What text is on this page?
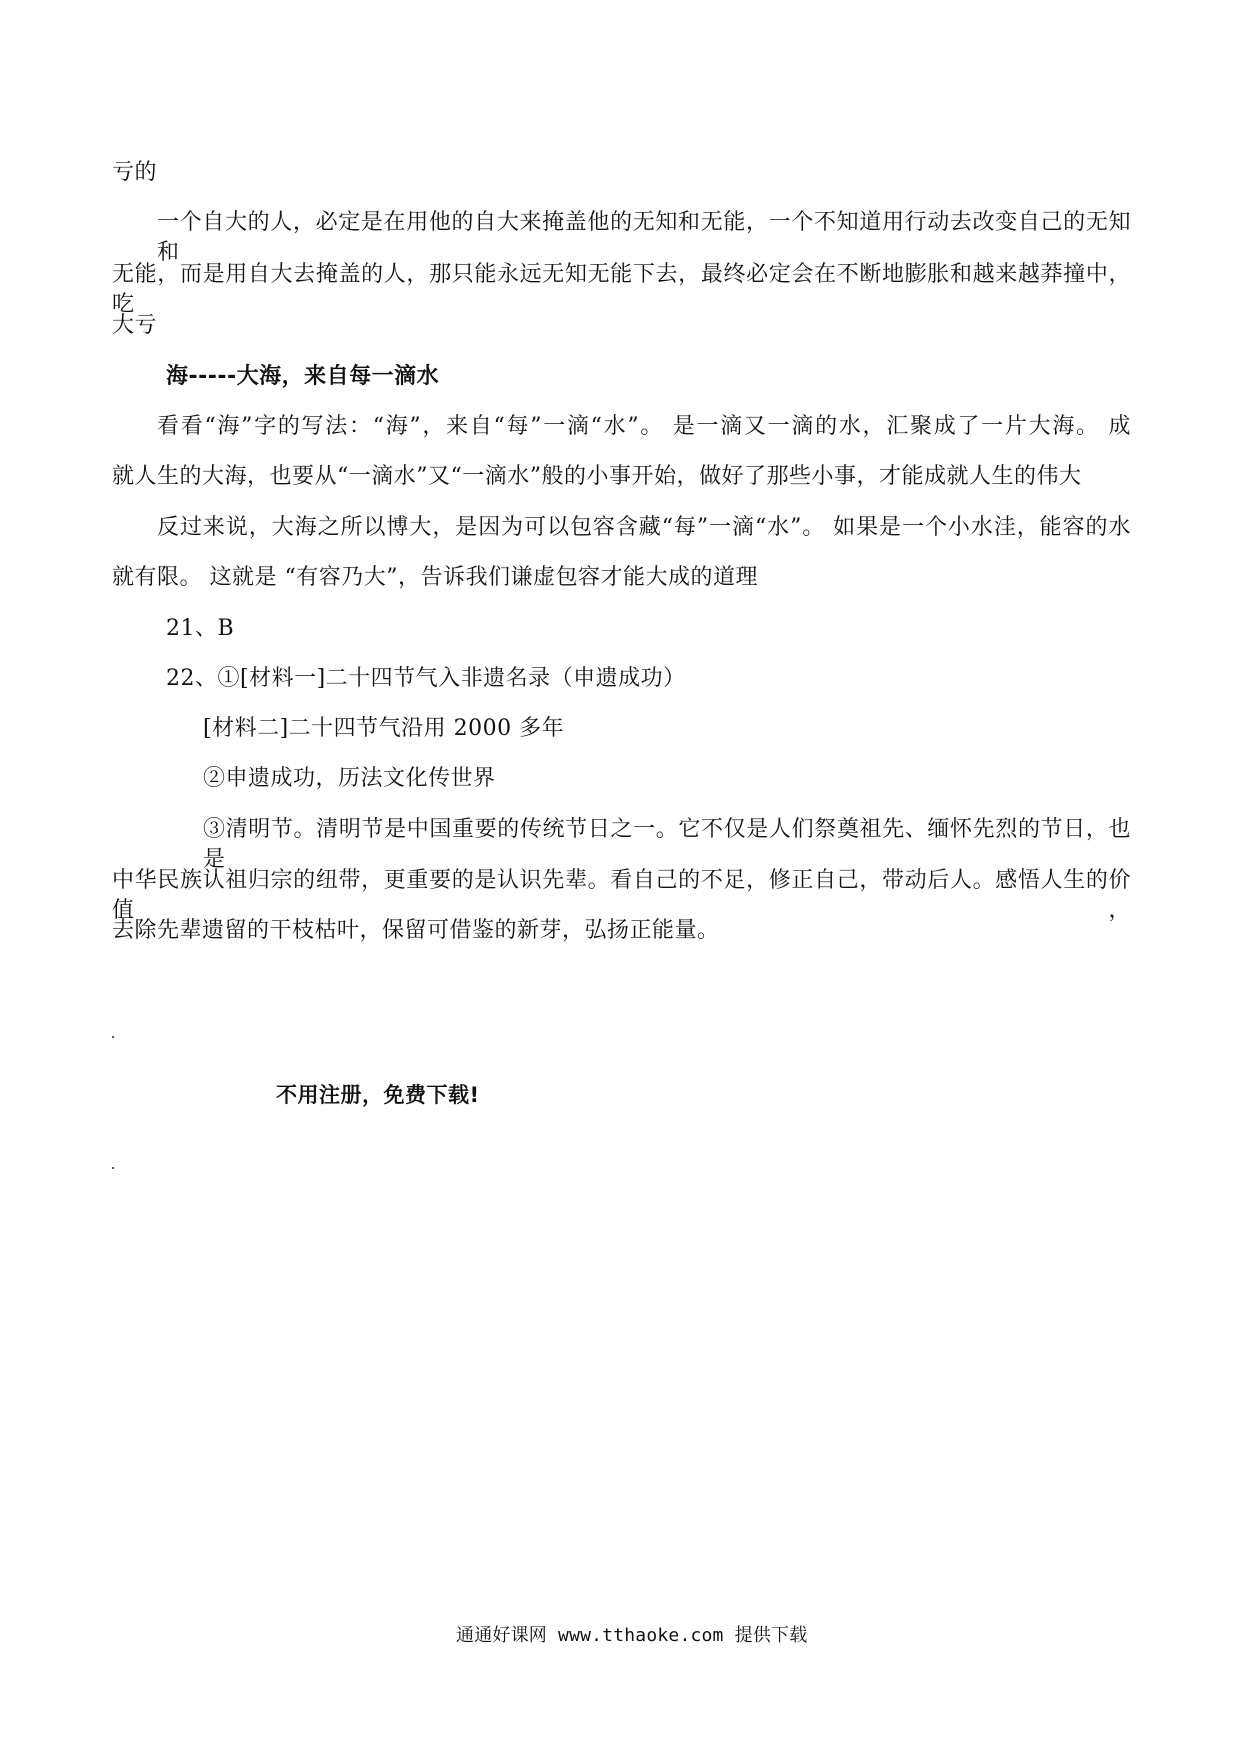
亏的
一个自大的人，必定是在用他的自大来掩盖他的无知和无能，一个不知道用行动去改变自己的无知和
无能，而是用自大去掩盖的人，那只能永远无知无能下去，最终必定会在不断地膨胀和越来越莽撞中，吃
大亏
海-----大海，来自每一滴水
看看“海”字的写法：“海”，来自“每”一滴“水”。 是一滴又一滴的水，汇聚成了一片大海。 成
就人生的大海，也要从“一滴水”又“一滴水”般的小事开始，做好了那些小事，才能成就人生的伟大
反过来说，大海之所以博大，是因为可以包容含藏“每”一滴“水”。 如果是一个小水洼，能容的水
就有限。 这就是 “有容乃大”，告诉我们谦虚包容才能大成的道理
21、B
22、①[材料一]二十四节气入非遗名录（申遗成功）
[材料二]二十四节气沿用 2000 多年
②申遗成功，历法文化传世界
③清明节。清明节是中国重要的传统节日之一。它不仅是人们祭奠祖先、缅怀先烈的节日，也是
中华民族认祖归宗的纽带，更重要的是认识先辈。看自己的不足，修正自己，带动后人。感悟人生的价值，
去除先辈遗留的干枝枯叶，保留可借鉴的新芽，弘扬正能量。
不用注册，免费下载!
通通好课网 www.tthaoke.com 提供下载
